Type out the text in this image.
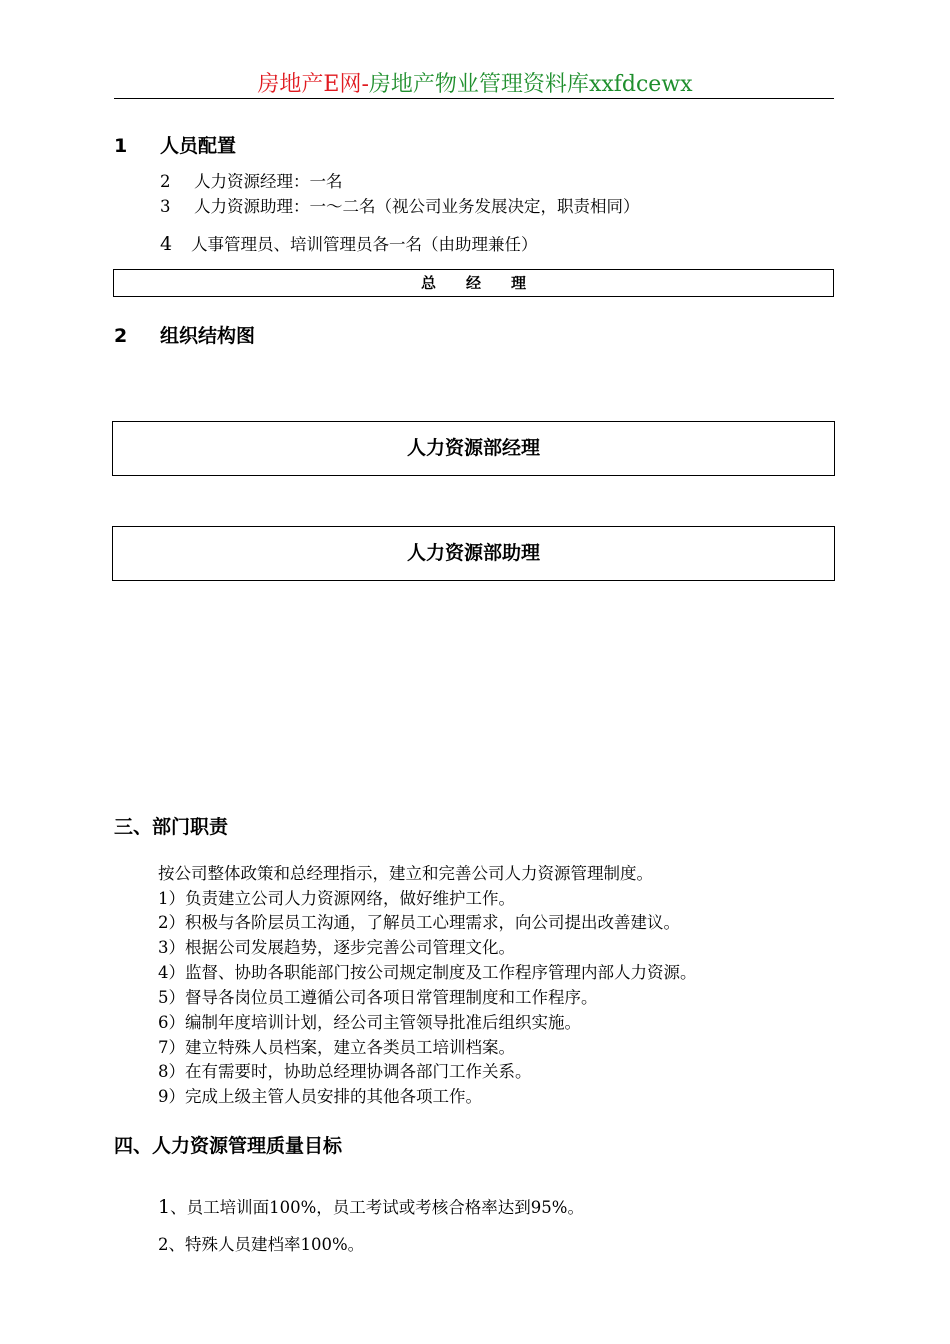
房地产E网-房地产物业管理资料库xxfdcewx
1 人员配置
2 人力资源经理：一名
3 人力资源助理：一～二名（视公司业务发展决定，职责相同）
4 人事管理员、培训管理员各一名（由助理兼任）
总经理
2 组织结构图
人力资源部经理
人力资源部助理
三、部门职责
按公司整体政策和总经理指示，建立和完善公司人力资源管理制度。
1）负责建立公司人力资源网络，做好维护工作。
2）积极与各阶层员工沟通，了解员工心理需求，向公司提出改善建议。
3）根据公司发展趋势，逐步完善公司管理文化。
4）监督、协助各职能部门按公司规定制度及工作程序管理内部人力资源。
5）督导各岗位员工遵循公司各项日常管理制度和工作程序。
6）编制年度培训计划，经公司主管领导批准后组织实施。
7）建立特殊人员档案，建立各类员工培训档案。
8）在有需要时，协助总经理协调各部门工作关系。
9）完成上级主管人员安排的其他各项工作。
四、人力资源管理质量目标
1、员工培训面100%，员工考试或考核合格率达到95%。
2、特殊人员建档率100%。
